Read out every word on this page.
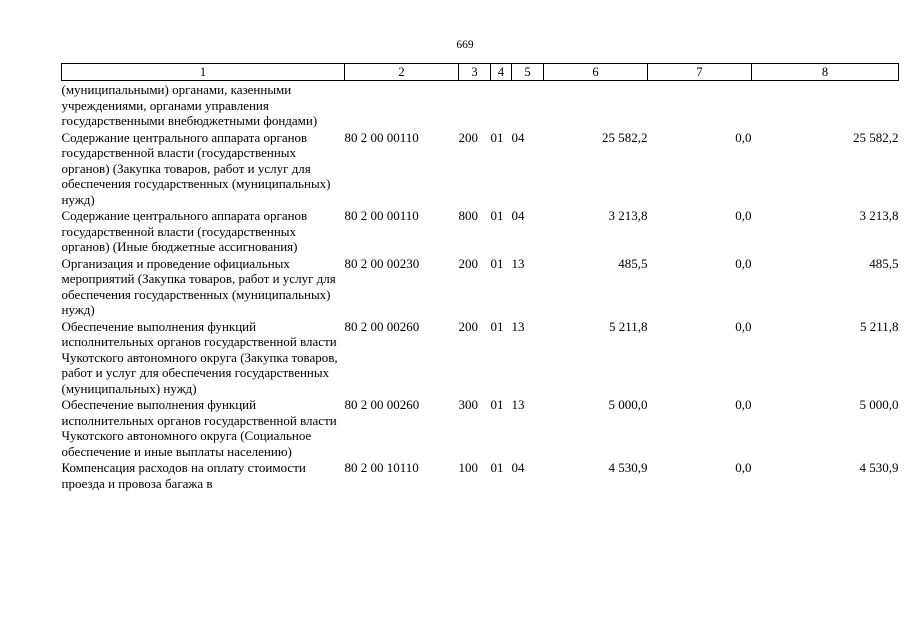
669
1	2	3	4	5	6	7	8
(муниципальными) органами, казенными учреждениями, органами управления государственными внебюджетными фондами)							
Содержание центрального аппарата органов государственной власти (государственных органов) (Закупка товаров, работ и услуг для обеспечения государственных (муниципальных) нужд)	80 2 00 00110	200	01	04	25 582,2	0,0	25 582,2
Содержание центрального аппарата органов государственной власти (государственных органов) (Иные бюджетные ассигнования)	80 2 00 00110	800	01	04	3 213,8	0,0	3 213,8
Организация и проведение официальных мероприятий (Закупка товаров, работ и услуг для обеспечения государственных (муниципальных) нужд)	80 2 00 00230	200	01	13	485,5	0,0	485,5
Обеспечение выполнения функций исполнительных органов государственной власти Чукотского автономного округа (Закупка товаров, работ и услуг для обеспечения государственных (муниципальных) нужд)	80 2 00 00260	200	01	13	5 211,8	0,0	5 211,8
Обеспечение выполнения функций исполнительных органов государственной власти Чукотского автономного округа (Социальное обеспечение и иные выплаты населению)	80 2 00 00260	300	01	13	5 000,0	0,0	5 000,0
Компенсация расходов на оплату стоимости проезда и провоза багажа в	80 2 00 10110	100	01	04	4 530,9	0,0	4 530,9
